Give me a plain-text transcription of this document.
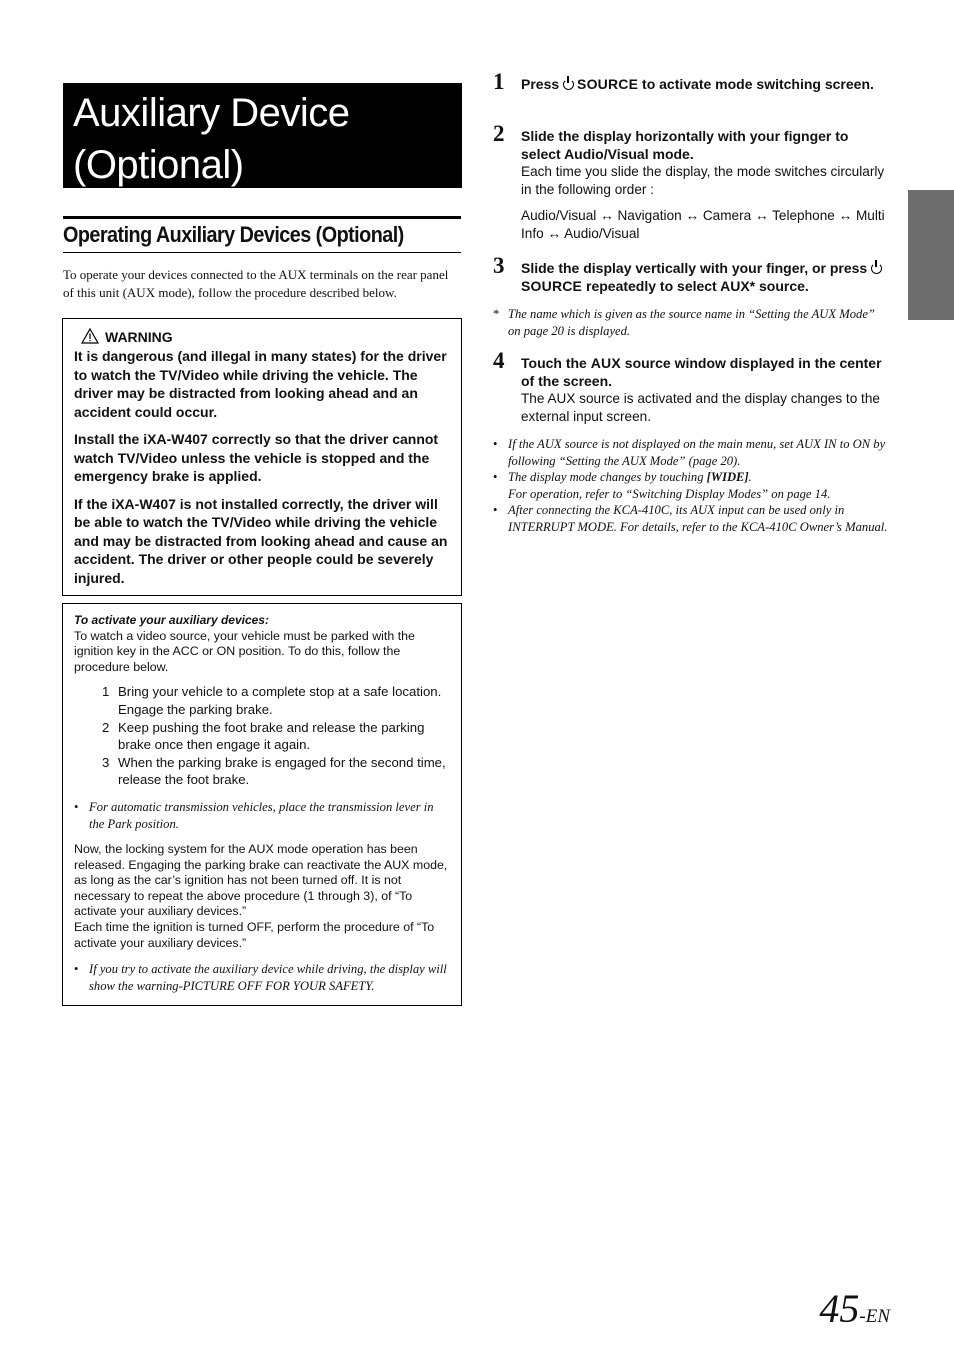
Auxiliary Device
(Optional)
Operating Auxiliary Devices (Optional)
To operate your devices connected to the AUX terminals on the rear panel of this unit (AUX mode), follow the procedure described below.
WARNING

It is dangerous (and illegal in many states) for the driver to watch the TV/Video while driving the vehicle. The driver may be distracted from looking ahead and an accident could occur.

Install the iXA-W407 correctly so that the driver cannot watch TV/Video unless the vehicle is stopped and the emergency brake is applied.

If the iXA-W407 is not installed correctly, the driver will be able to watch the TV/Video while driving the vehicle and may be distracted from looking ahead and cause an accident. The driver or other people could be severely injured.

To activate your auxiliary devices:
To watch a video source, your vehicle must be parked with the ignition key in the ACC or ON position. To do this, follow the procedure below.
1 Bring your vehicle to a complete stop at a safe location. Engage the parking brake.
2 Keep pushing the foot brake and release the parking brake once then engage it again.
3 When the parking brake is engaged for the second time, release the foot brake.
• For automatic transmission vehicles, place the transmission lever in the Park position.
Now, the locking system for the AUX mode operation has been released. Engaging the parking brake can reactivate the AUX mode, as long as the car’s ignition has not been turned off. It is not necessary to repeat the above procedure (1 through 3), of “To activate your auxiliary devices.”
Each time the ignition is turned OFF, perform the procedure of “To activate your auxiliary devices.”
• If you try to activate the auxiliary device while driving, the display will show the warning-PICTURE OFF FOR YOUR SAFETY.
1 Press SOURCE to activate mode switching screen.
2 Slide the display horizontally with your fignger to select Audio/Visual mode.
Each time you slide the display, the mode switches circularly in the following order :
Audio/Visual ↔ Navigation ↔ Camera ↔ Telephone ↔ Multi Info ↔ Audio/Visual
3 Slide the display vertically with your finger, or press SOURCE repeatedly to select AUX* source.
* The name which is given as the source name in “Setting the AUX Mode” on page 20 is displayed.
4 Touch the AUX source window displayed in the center of the screen.
The AUX source is activated and the display changes to the external input screen.
• If the AUX source is not displayed on the main menu, set AUX IN to ON by following “Setting the AUX Mode” (page 20).
• The display mode changes by touching [WIDE].
For operation, refer to “Switching Display Modes” on page 14.
• After connecting the KCA-410C, its AUX input can be used only in INTERRUPT MODE. For details, refer to the KCA-410C Owner’s Manual.
45-EN
